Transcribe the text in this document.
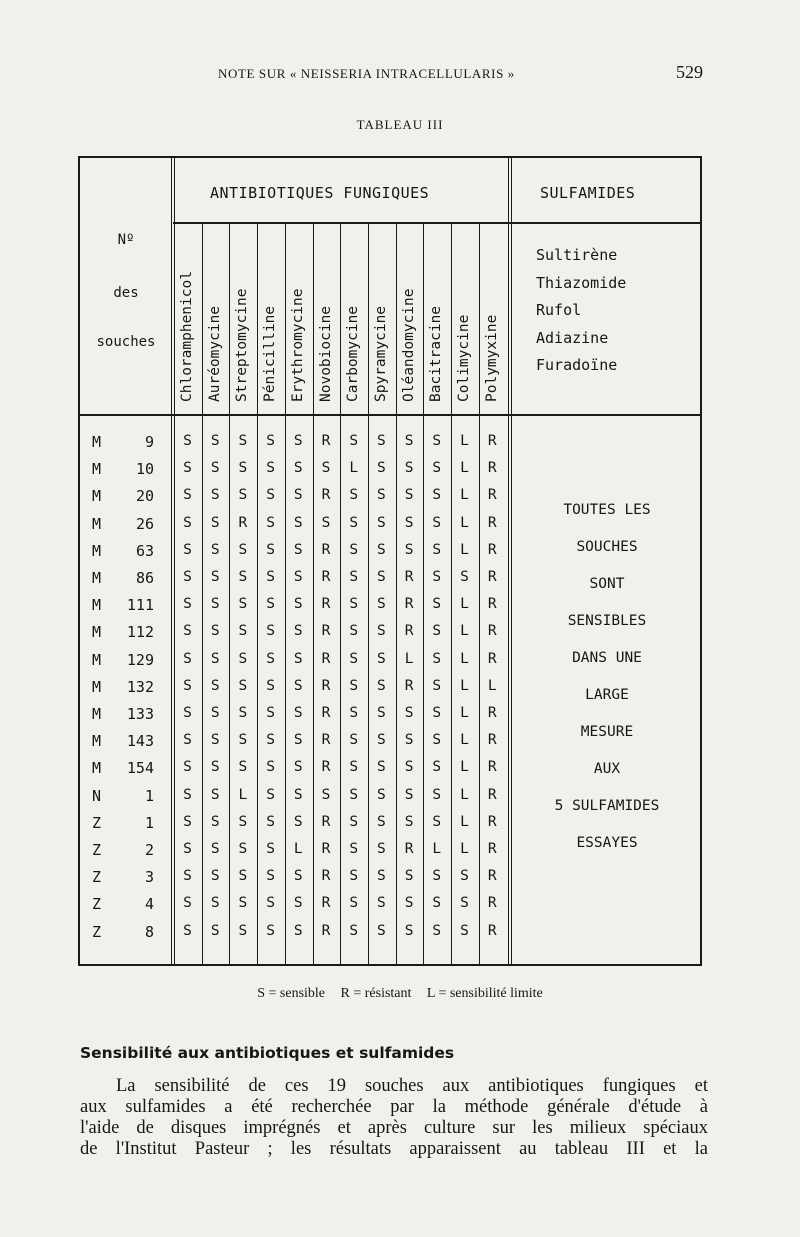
NOTE SUR « NEISSERIA INTRACELLULARIS »	529
TABLEAU III
ANTIBIOTIQUES FUNGIQUES	SULFAMIDES
Nº
des
souches	Chloramphenicol Auréomycine Streptomycine Pénicilline Erythromycine Novobiocine Carbomycine Spyramycine Oléandomycine Bacitracine Colimycine Polymyxine
Sultirène
Thiazomide
Rufol
Adiazine
Furadoïne
M	9	S	S	S	S	S	R	S	S	S	S	L	R
M 10	S	S	S	S	S	S	L	S	S	S	L	R
M 20	S	S	S	S	S	R	S	S	S	S	L	R
M 26	S	S	R	S	S	S	S	S	S	S	L	R
M 63	S	S	S	S	S	R	S	S	S	S	L	R
M 86	S	S	S	S	S	R	S	S	R	S	S	R
M 111	S	S	S	S	S	R	S	S	R	S	L	R
M 112	S	S	S	S	S	R	S	S	R	S	L	R
M 129	S	S	S	S	S	R	S	S	L	S	L	R
M 132	S	S	S	S	S	R	S	S	R	S	L	L
M 133	S	S	S	S	S	R	S	S	S	S	L	R
M 143	S	S	S	S	S	R	S	S	S	S	L	R
M 154	S	S	S	S	S	R	S	S	S	S	L	R
N	1	S	S	L	S	S	S	S	S	S	S	L	R
Z	1	S	S	S	S	S	R	S	S	S	S	L	R
Z	2	S	S	S	S	L	R	S	S	R	L	L	R
Z	3	S	S	S	S	S	R	S	S	S	S	S	R
Z	4	S	S	S	S	S	R	S	S	S	S	S	R
Z	8	S	S	S	S	S	R	S	S	S	S	S	R
TOUTES LES
SOUCHES
SONT
SENSIBLES
DANS UNE
LARGE
MESURE
AUX
5 SULFAMIDES
ESSAYES
S = sensible R = résistant L = sensibilité limite
Sensibilité aux antibiotiques et sulfamides
La sensibilité de ces 19 souches aux antibiotiques fungiques et
aux sulfamides a été recherchée par la méthode générale d'étude à
l'aide de disques imprégnés et après culture sur les milieux spéciaux
de l'Institut Pasteur ; les résultats apparaissent au tableau III et la
